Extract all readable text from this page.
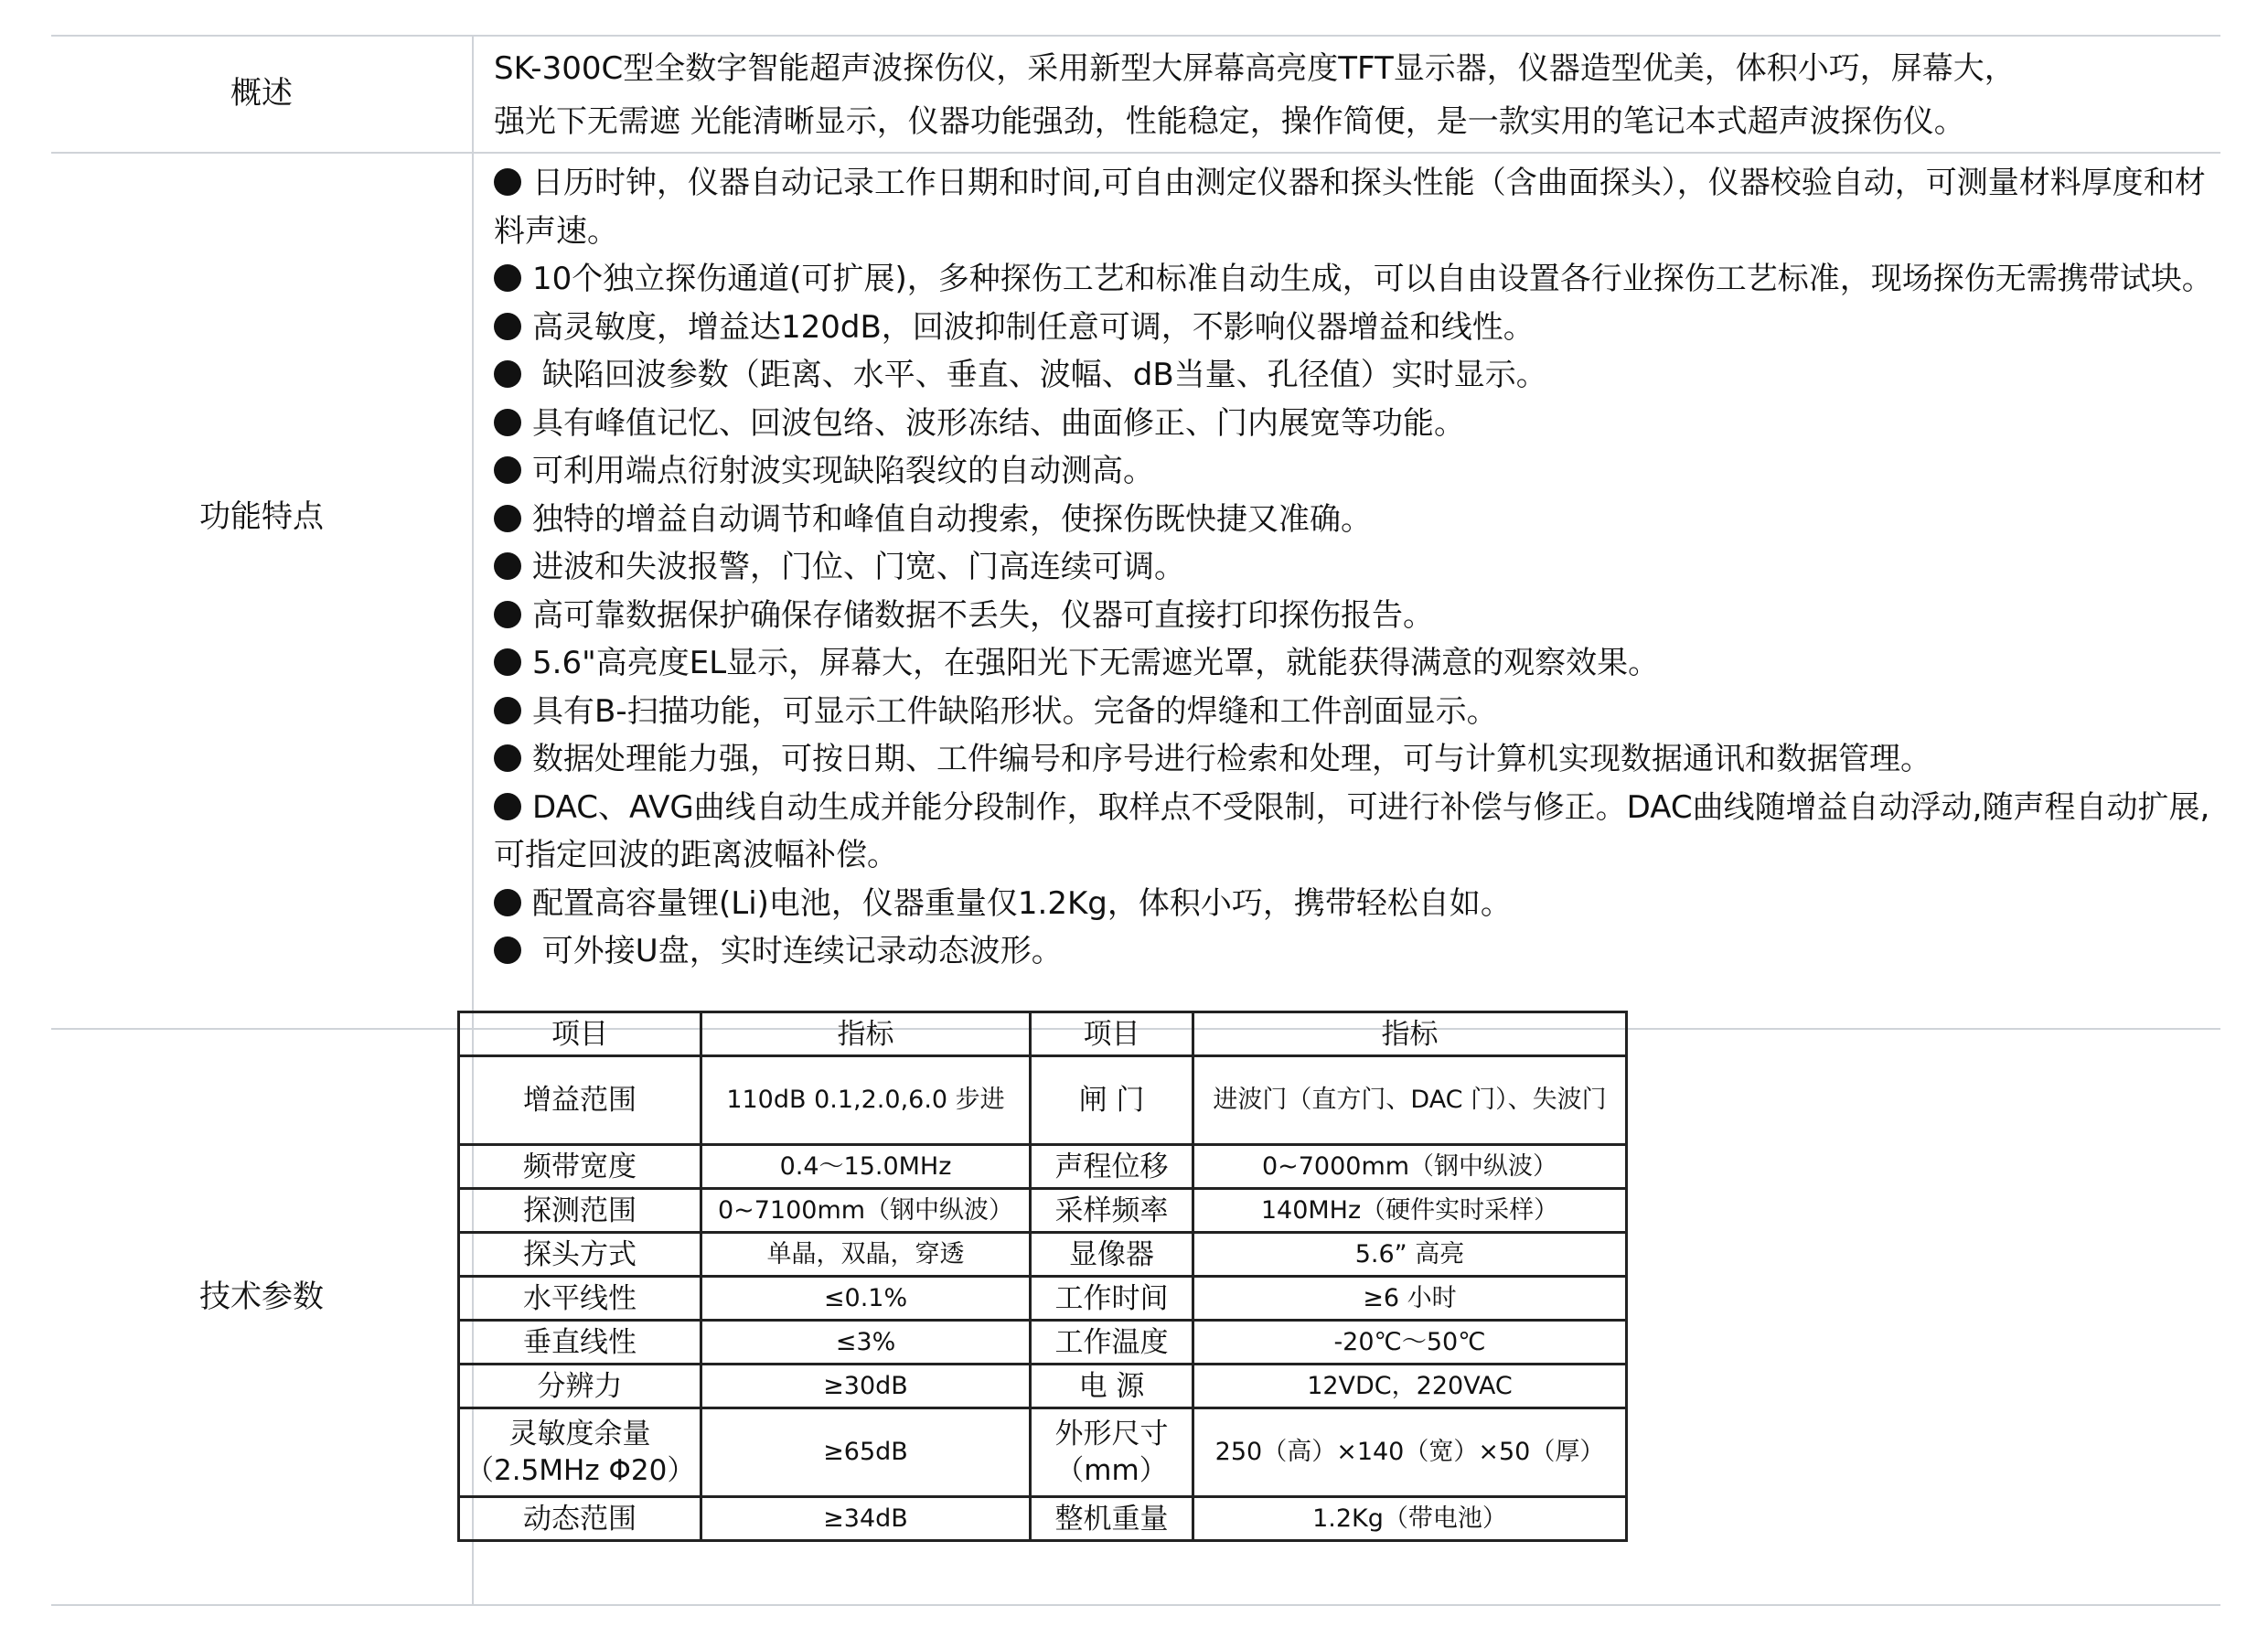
概述
SK-300C型全数字智能超声波探伤仪，采用新型大屏幕高亮度TFT显示器，仪器造型优美，体积小巧，屏幕大，
强光下无需遮 光能清晰显示，仪器功能强劲，性能稳定，操作简便，是一款实用的笔记本式超声波探伤仪。
功能特点
日历时钟，仪器自动记录工作日期和时间,可自由测定仪器和探头性能（含曲面探头），仪器校验自动，可测量材料厚度和材料声速。
10个独立探伤通道(可扩展)，多种探伤工艺和标准自动生成，可以自由设置各行业探伤工艺标准，现场探伤无需携带试块。
高灵敏度，增益达120dB，回波抑制任意可调，不影响仪器增益和线性。
缺陷回波参数（距离、水平、垂直、波幅、dB当量、孔径值）实时显示。
具有峰值记忆、回波包络、波形冻结、曲面修正、门内展宽等功能。
可利用端点衍射波实现缺陷裂纹的自动测高。
独特的增益自动调节和峰值自动搜索，使探伤既快捷又准确。
进波和失波报警，门位、门宽、门高连续可调。
高可靠数据保护确保存储数据不丢失，仪器可直接打印探伤报告。
5.6"高亮度EL显示，屏幕大，在强阳光下无需遮光罩，就能获得满意的观察效果。
具有B-扫描功能，可显示工件缺陷形状。完备的焊缝和工件剖面显示。
数据处理能力强，可按日期、工件编号和序号进行检索和处理，可与计算机实现数据通讯和数据管理。
DAC、AVG曲线自动生成并能分段制作，取样点不受限制，可进行补偿与修正。DAC曲线随增益自动浮动,随声程自动扩展,可指定回波的距离波幅补偿。
配置高容量锂(Li)电池，仪器重量仅1.2Kg，体积小巧，携带轻松自如。
可外接U盘，实时连续记录动态波形。
技术参数
项目	指标	项目	指标
增益范围	110dB 0.1,2.0,6.0 步进	闸 门	进波门（直方门、DAC 门）、失波门
频带宽度	0.4～15.0MHz	声程位移	0~7000mm（钢中纵波）
探测范围	0~7100mm（钢中纵波）	采样频率	140MHz（硬件实时采样）
探头方式	单晶，双晶，穿透	显像器	5.6” 高亮
水平线性	≤0.1%	工作时间	≥6 小时
垂直线性	≤3%	工作温度	-20℃～50℃
分辨力	≥30dB	电 源	12VDC，220VAC
灵敏度余量（2.5MHz Φ20）	≥65dB	外形尺寸（mm）	250（高）×140（宽）×50（厚）
动态范围	≥34dB	整机重量	1.2Kg（带电池）
